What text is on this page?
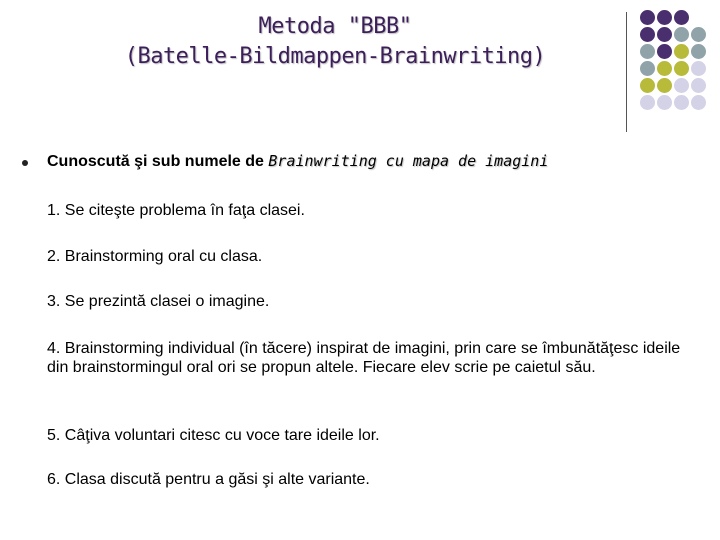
Metoda "BBB"
(Batelle-Bildmappen-Brainwriting)
Cunoscută şi sub numele de Brainwriting cu mapa de imagini
1. Se citeşte problema în faţa clasei.
2. Brainstorming oral cu clasa.
3. Se prezintă clasei o imagine.
4. Brainstorming individual (în tăcere) inspirat de imagini, prin care se îmbunătăţesc ideile din brainstormingul oral ori se propun altele. Fiecare elev scrie pe caietul său.
5. Câţiva voluntari citesc cu voce tare ideile lor.
6. Clasa discută pentru a găsi şi alte variante.
